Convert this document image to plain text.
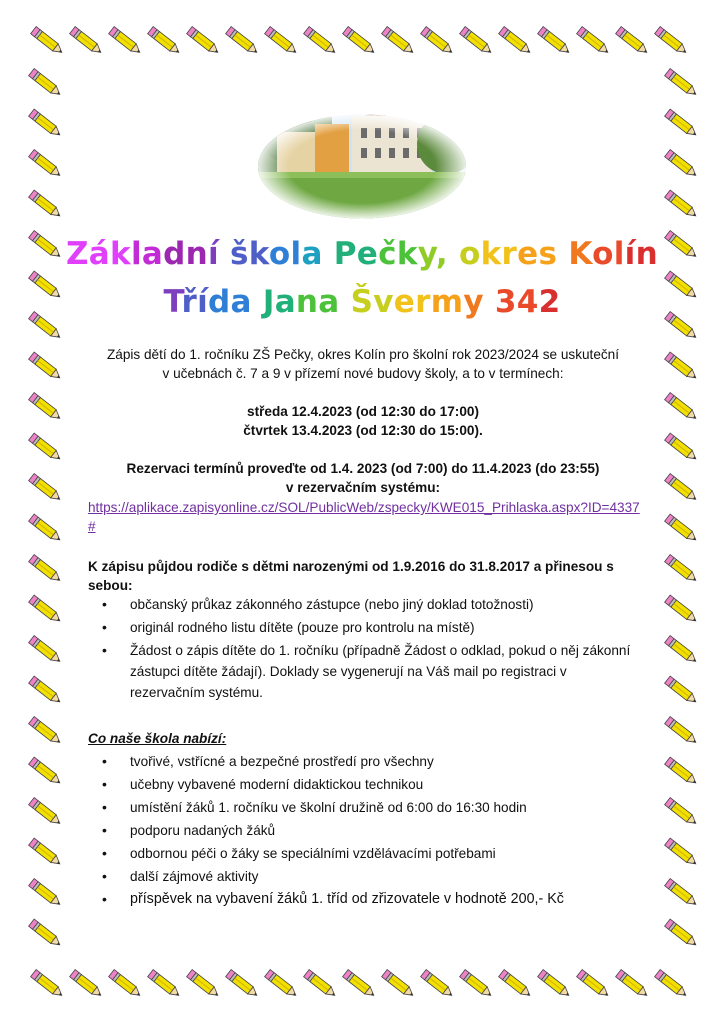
Základní škola Pečky, okres Kolín
Třída Jana Švermy 342
Zápis dětí do 1. ročníku ZŠ Pečky, okres Kolín pro školní rok 2023/2024 se uskuteční
v učebnách č. 7 a 9 v přízemí nové budovy školy, a to v termínech:
středa 12.4.2023 (od 12:30 do 17:00)
čtvrtek 13.4.2023 (od 12:30 do 15:00).
Rezervaci termínů proveďte od 1.4. 2023 (od 7:00) do 11.4.2023 (do 23:55)
v rezervačním systému:
https://aplikace.zapisyonline.cz/SOL/PublicWeb/zspecky/KWE015_Prihlaska.aspx?ID=4337#
K zápisu půjdou rodiče s dětmi narozenými od 1.9.2016 do 31.8.2017 a přinesou s sebou:
• občanský průkaz zákonného zástupce (nebo jiný doklad totožnosti)
• originál rodného listu dítěte (pouze pro kontrolu na místě)
• Žádost o zápis dítěte do 1. ročníku (případně Žádost o odklad, pokud o něj zákonní zástupci dítěte žádají). Doklady se vygenerují na Váš mail po registraci v rezervačním systému.
Co naše škola nabízí:
• tvořivé, vstřícné a bezpečné prostředí pro všechny
• učebny vybavené moderní didaktickou technikou
• umístění žáků 1. ročníku ve školní družině od 6:00 do 16:30 hodin
• podporu nadaných žáků
• odbornou péči o žáky se speciálními vzdělávacími potřebami
• další zájmové aktivity
• příspěvek na vybavení žáků 1. tříd od zřizovatele v hodnotě 200,- Kč
